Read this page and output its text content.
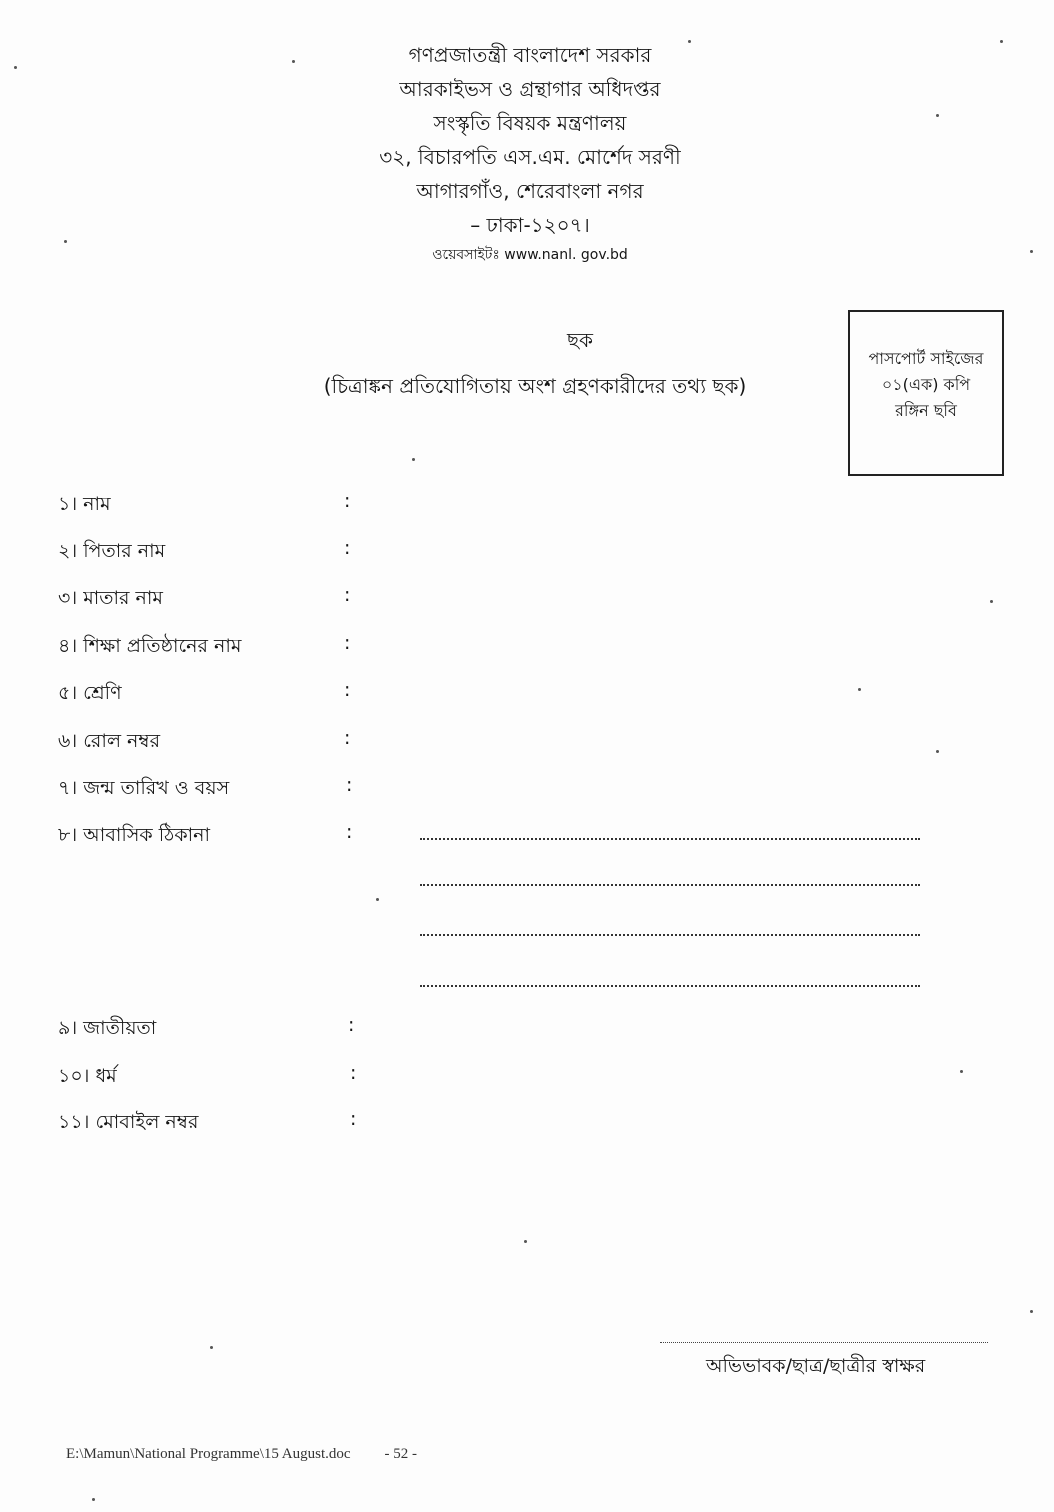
গণপ্রজাতন্ত্রী বাংলাদেশ সরকার
আরকাইভস ও গ্রন্থাগার অধিদপ্তর
সংস্কৃতি বিষয়ক মন্ত্রণালয়
৩২, বিচারপতি এস.এম. মোর্শেদ সরণী
আগারগাঁও, শেরেবাংলা নগর
– ঢাকা-১২০৭।
ওয়েবসাইটঃ www.nanl. gov.bd
ছক
(চিত্রাঙ্কন প্রতিযোগিতায় অংশ গ্রহণকারীদের তথ্য ছক)
পাসপোর্ট সাইজের
০১(এক) কপি
রঙ্গিন ছবি
১। নাম	:
২। পিতার নাম	:
৩। মাতার নাম	:
৪। শিক্ষা প্রতিষ্ঠানের নাম	:
৫। শ্রেণি	:
৬। রোল নম্বর	:
৭। জন্ম তারিখ ও বয়স	:
৮। আবাসিক ঠিকানা	:
৯। জাতীয়তা	:
১০। ধর্ম	:
১১। মোবাইল নম্বর	:
অভিভাবক/ছাত্র/ছাত্রীর স্বাক্ষর
E:\Mamun\National Programme\15 August.doc - 52 -
